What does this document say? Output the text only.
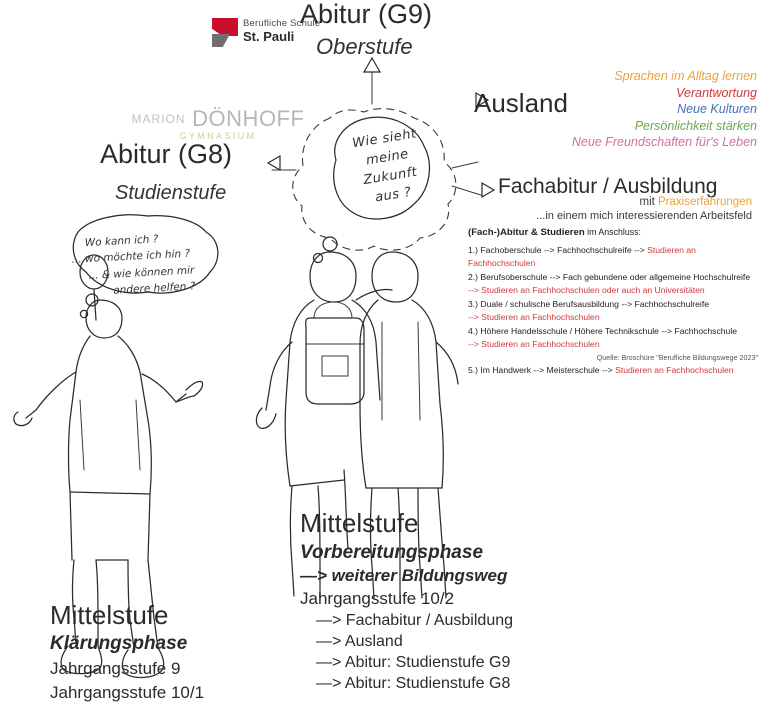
Berufliche Schule
St. Pauli
MARION DÖNHOFF
GYMNASIUM
Abitur (G9)
Oberstufe
Ausland
Abitur (G8)
Studienstufe	Fachabitur / Ausbildung
Sprachen im Alltag lernen
Verantwortung
Neue Kulturen
Persönlichkeit stärken
Neue Freundschaften für's Leben
mit Praxiserfahrungen
...in einem mich interessierenden Arbeitsfeld
(Fach-)Abitur & Studieren im Anschluss:
1.) Fachoberschule --> Fachhochschulreife --> Studieren an Fachhochschulen
2.) Berufsoberschule --> Fach gebundene oder allgemeine Hochschulreife
--> Studieren an Fachhochschulen oder auch an Universitäten
3.) Duale / schulische Berufsausbildung --> Fachhochschulreife
--> Studieren an Fachhochschulen
4.) Höhere Handelsschule / Höhere Technikschule --> Fachhochschule
--> Studieren an Fachhochschulen
Quelle: Broschüre "Berufliche Bildungswege 2023"
5.) Im Handwerk --> Meisterschule --> Studieren an Fachhochschulen
Wie sieht
meine
Zukunft
aus ?
Wo kann ich ?
... wo möchte ich hin ?
... & wie können mir
andere helfen ?
Mittelstufe
Klärungsphase
Jahrgangsstufe 9
Jahrgangsstufe 10/1
Mittelstufe
Vorbereitungsphase
—> weiterer Bildungsweg
Jahrgangsstufe 10/2
—> Fachabitur / Ausbildung
—> Ausland
—> Abitur: Studienstufe G9
—> Abitur: Studienstufe G8
